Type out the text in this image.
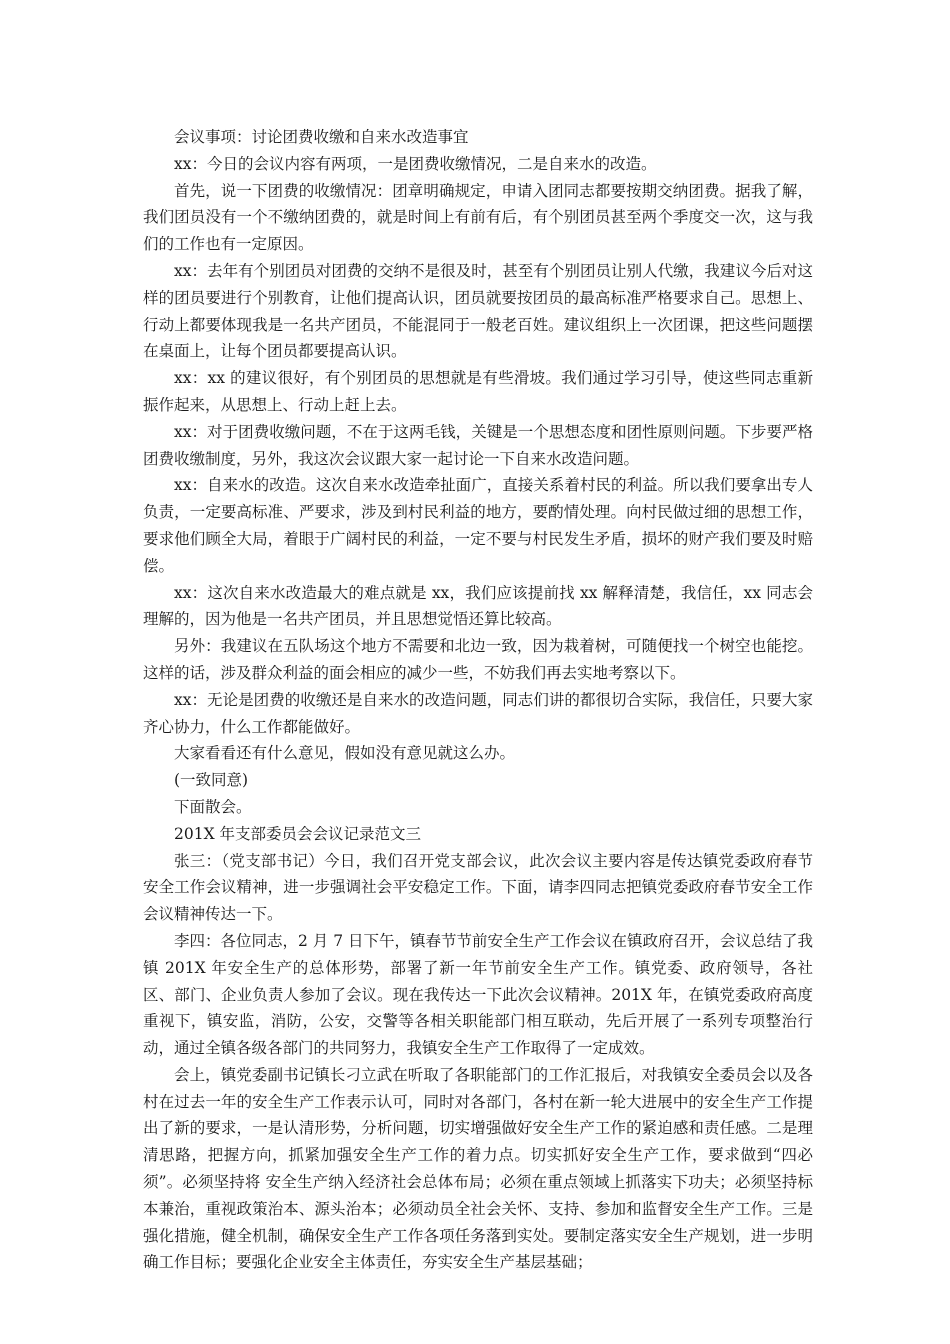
会议事项：讨论团费收缴和自来水改造事宜

xx：今日的会议内容有两项，一是团费收缴情况，二是自来水的改造。

首先，说一下团费的收缴情况：团章明确规定，申请入团同志都要按期交纳团费。据我了解，我们团员没有一个不缴纳团费的，就是时间上有前有后，有个别团员甚至两个季度交一次，这与我们的工作也有一定原因。

xx：去年有个别团员对团费的交纳不是很及时，甚至有个别团员让别人代缴，我建议今后对这样的团员要进行个别教育，让他们提高认识，团员就要按团员的最高标准严格要求自己。思想上、行动上都要体现我是一名共产团员，不能混同于一般老百姓。建议组织上一次团课，把这些问题摆在桌面上，让每个团员都要提高认识。

xx：xx 的建议很好，有个别团员的思想就是有些滑坡。我们通过学习引导，使这些同志重新振作起来，从思想上、行动上赶上去。

xx：对于团费收缴问题，不在于这两毛钱，关键是一个思想态度和团性原则问题。下步要严格团费收缴制度，另外，我这次会议跟大家一起讨论一下自来水改造问题。

xx：自来水的改造。这次自来水改造牵扯面广，直接关系着村民的利益。所以我们要拿出专人负责，一定要高标准、严要求，涉及到村民利益的地方，要酌情处理。向村民做过细的思想工作，要求他们顾全大局，着眼于广阔村民的利益，一定不要与村民发生矛盾，损坏的财产我们要及时赔偿。

xx：这次自来水改造最大的难点就是 xx，我们应该提前找 xx 解释清楚，我信任，xx 同志会理解的，因为他是一名共产团员，并且思想觉悟还算比较高。

另外：我建议在五队场这个地方不需要和北边一致，因为栽着树，可随便找一个树空也能挖。这样的话，涉及群众利益的面会相应的减少一些，不妨我们再去实地考察以下。

xx：无论是团费的收缴还是自来水的改造问题，同志们讲的都很切合实际，我信任，只要大家齐心协力，什么工作都能做好。

大家看看还有什么意见，假如没有意见就这么办。

(一致同意)

下面散会。

201X 年支部委员会会议记录范文三

张三：（党支部书记）今日，我们召开党支部会议，此次会议主要内容是传达镇党委政府春节安全工作会议精神，进一步强调社会平安稳定工作。下面，请李四同志把镇党委政府春节安全工作会议精神传达一下。

李四：各位同志，2 月 7 日下午，镇春节节前安全生产工作会议在镇政府召开，会议总结了我镇 201X 年安全生产的总体形势，部署了新一年节前安全生产工作。镇党委、政府领导，各社区、部门、企业负责人参加了会议。现在我传达一下此次会议精神。201X 年，在镇党委政府高度重视下，镇安监，消防，公安，交警等各相关职能部门相互联动，先后开展了一系列专项整治行动，通过全镇各级各部门的共同努力，我镇安全生产工作取得了一定成效。

会上，镇党委副书记镇长刁立武在听取了各职能部门的工作汇报后，对我镇安全委员会以及各村在过去一年的安全生产工作表示认可，同时对各部门，各村在新一轮大进展中的安全生产工作提出了新的要求，一是认清形势，分析问题，切实增强做好安全生产工作的紧迫感和责任感。二是理清思路，把握方向，抓紧加强安全生产工作的着力点。切实抓好安全生产工作，要求做到“四必须”。必须坚持将 安全生产纳入经济社会总体布局；必须在重点领域上抓落实下功夫；必须坚持标本兼治，重视政策治本、源头治本；必须动员全社会关怀、支持、参加和监督安全生产工作。三是强化措施，健全机制，确保安全生产工作各项任务落到实处。要制定落实安全生产规划，进一步明确工作目标；要强化企业安全主体责任，夯实安全生产基层基础；
